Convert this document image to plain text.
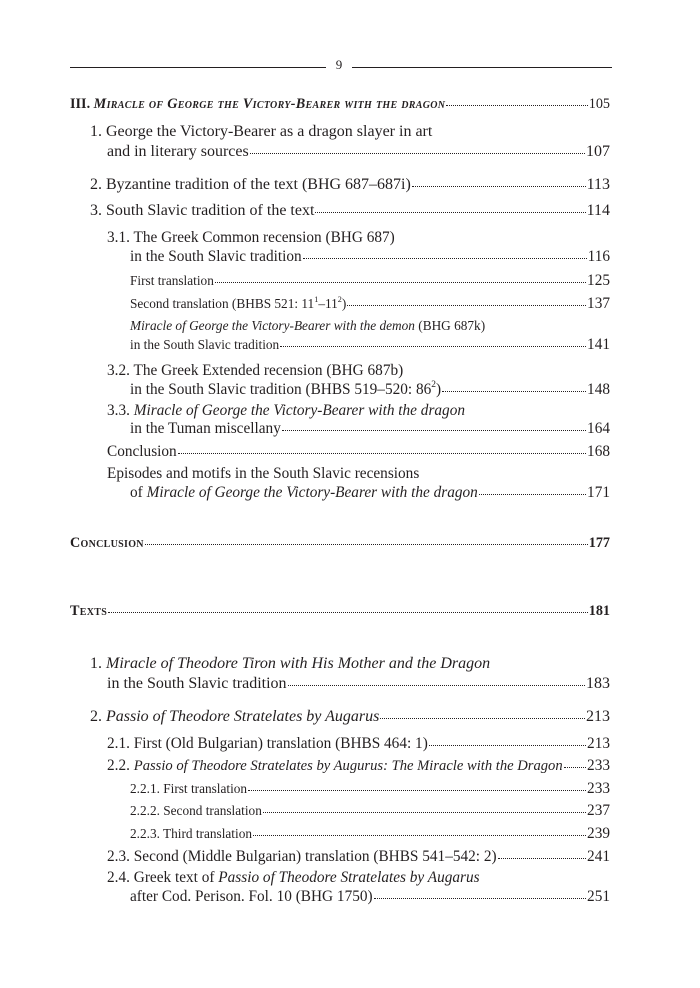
9
III. Miracle of George the Victory-Bearer with the dragon	105
1. George the Victory-Bearer as a dragon slayer in art
and in literary sources	107
2. Byzantine tradition of the text (BHG 687–687i)	113
3. South Slavic tradition of the text	114
3.1. The Greek Common recension (BHG 687)
in the South Slavic tradition	116
First translation	125
Second translation (BHBS 521: $11^1-11^2$)	137
Miracle of George the Victory-Bearer with the demon (BHG 687k)
in the South Slavic tradition	141
3.2. The Greek Extended recension (BHG 687b)
in the South Slavic tradition (BHBS 519–520: $86^2$)	148
3.3. Miracle of George the Victory-Bearer with the dragon
in the Tuman miscellany	164
Conclusion	168
Episodes and motifs in the South Slavic recensions
of Miracle of George the Victory-Bearer with the dragon	171
Conclusion	177
Texts	181
1. Miracle of Theodore Tiron with His Mother and the Dragon
in the South Slavic tradition	183
2. Passio of Theodore Stratelates by Augarus	213
2.1. First (Old Bulgarian) translation (BHBS 464: 1)	213
2.2. Passio of Theodore Stratelates by Augurus: The Miracle with the Dragon 233
2.2.1. First translation	233
2.2.2. Second translation	237
2.2.3. Third translation	239
2.3. Second (Middle Bulgarian) translation (BHBS 541–542: 2)	241
2.4. Greek text of Passio of Theodore Stratelates by Augarus
after Cod. Perison. Fol. 10 (BHG 1750)	251
